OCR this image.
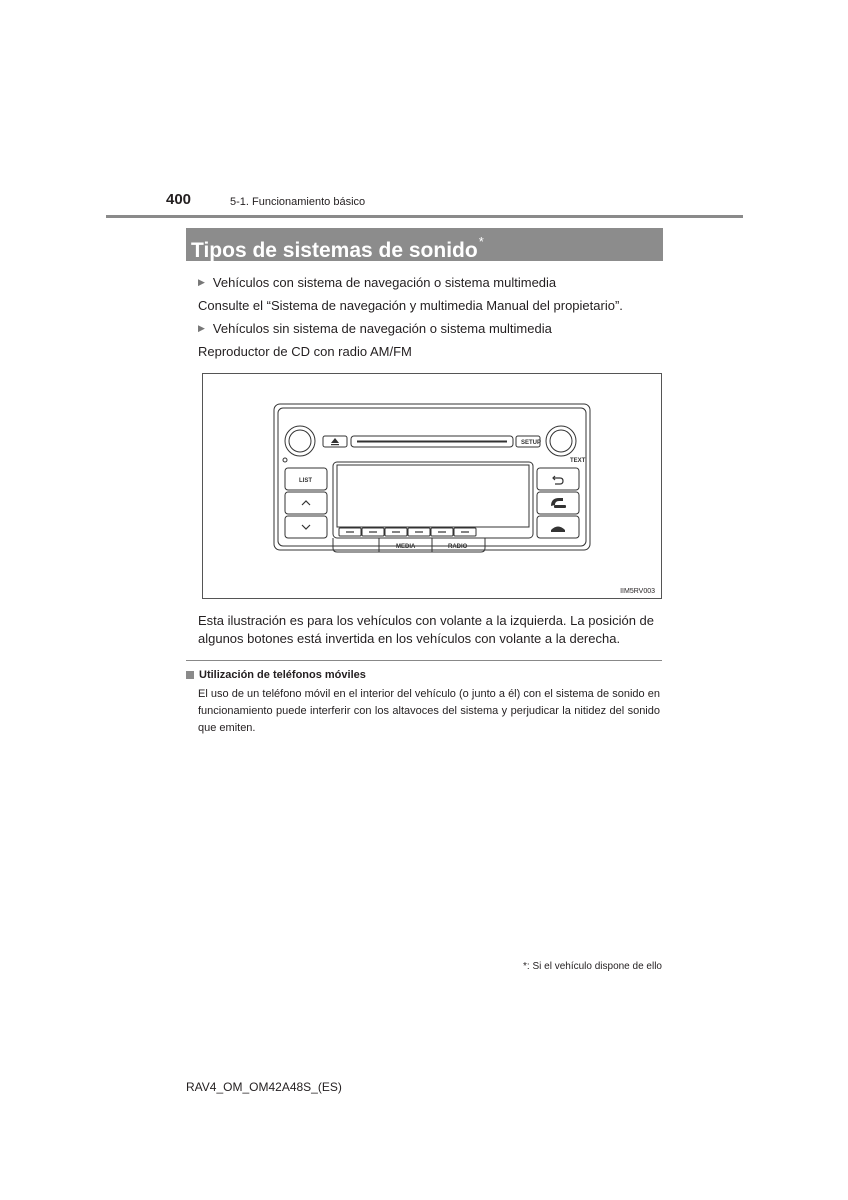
400	5-1. Funcionamiento básico
Tipos de sistemas de sonido*
▶ Vehículos con sistema de navegación o sistema multimedia
Consulte el “Sistema de navegación y multimedia Manual del propietario”.
▶ Vehículos sin sistema de navegación o sistema multimedia
Reproductor de CD con radio AM/FM
SETUP
TEXT
LIST
MEDIA	RADIO
IIM5RV003
Esta ilustración es para los vehículos con volante a la izquierda. La posición de algunos botones está invertida en los vehículos con volante a la derecha.
Utilización de teléfonos móviles
El uso de un teléfono móvil en el interior del vehículo (o junto a él) con el sistema de sonido en funcionamiento puede interferir con los altavoces del sistema y perjudicar la nitidez del sonido que emiten.
*: Si el vehículo dispone de ello
RAV4_OM_OM42A48S_(ES)
